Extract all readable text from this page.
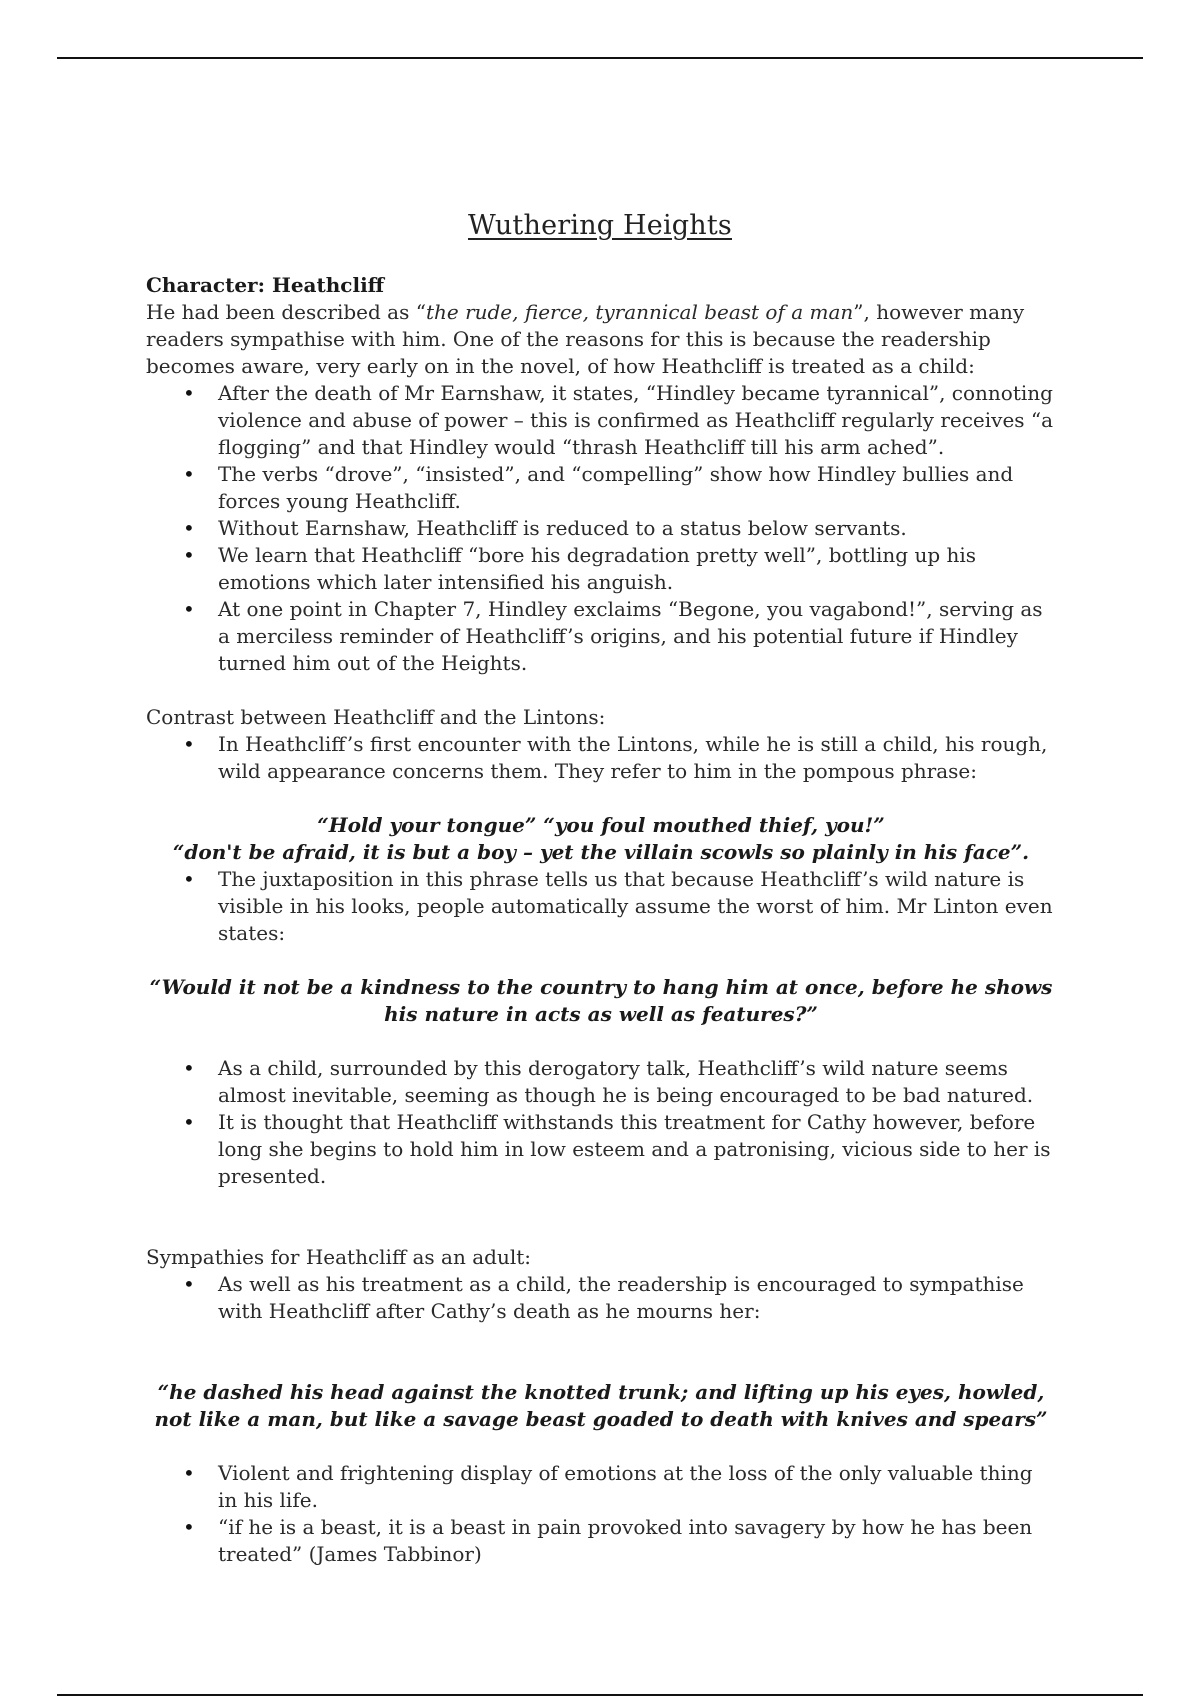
Wuthering Heights

Character: Heathcliff

He had been described as “the rude, fierce, tyrannical beast of a man”, however many readers sympathise with him. One of the reasons for this is because the readership becomes aware, very early on in the novel, of how Heathcliff is treated as a child:

• After the death of Mr Earnshaw, it states, “Hindley became tyrannical”, connoting violence and abuse of power – this is confirmed as Heathcliff regularly receives “a flogging” and that Hindley would “thrash Heathcliff till his arm ached”.
• The verbs “drove”, “insisted”, and “compelling” show how Hindley bullies and forces young Heathcliff.
• Without Earnshaw, Heathcliff is reduced to a status below servants.
• We learn that Heathcliff “bore his degradation pretty well”, bottling up his emotions which later intensified his anguish.
• At one point in Chapter 7, Hindley exclaims “Begone, you vagabond!”, serving as a merciless reminder of Heathcliff’s origins, and his potential future if Hindley turned him out of the Heights.

Contrast between Heathcliff and the Lintons:

• In Heathcliff’s first encounter with the Lintons, while he is still a child, his rough, wild appearance concerns them. They refer to him in the pompous phrase:

“Hold your tongue” “you foul mouthed thief, you!”

“don't be afraid, it is but a boy – yet the villain scowls so plainly in his face”.

• The juxtaposition in this phrase tells us that because Heathcliff’s wild nature is visible in his looks, people automatically assume the worst of him. Mr Linton even states:

“Would it not be a kindness to the country to hang him at once, before he shows his nature in acts as well as features?”

• As a child, surrounded by this derogatory talk, Heathcliff’s wild nature seems almost inevitable, seeming as though he is being encouraged to be bad natured.
• It is thought that Heathcliff withstands this treatment for Cathy however, before long she begins to hold him in low esteem and a patronising, vicious side to her is presented.

Sympathies for Heathcliff as an adult:

• As well as his treatment as a child, the readership is encouraged to sympathise with Heathcliff after Cathy’s death as he mourns her:

“he dashed his head against the knotted trunk; and lifting up his eyes, howled, not like a man, but like a savage beast goaded to death with knives and spears”

• Violent and frightening display of emotions at the loss of the only valuable thing in his life.
• “if he is a beast, it is a beast in pain provoked into savagery by how he has been treated” (James Tabbinor)
